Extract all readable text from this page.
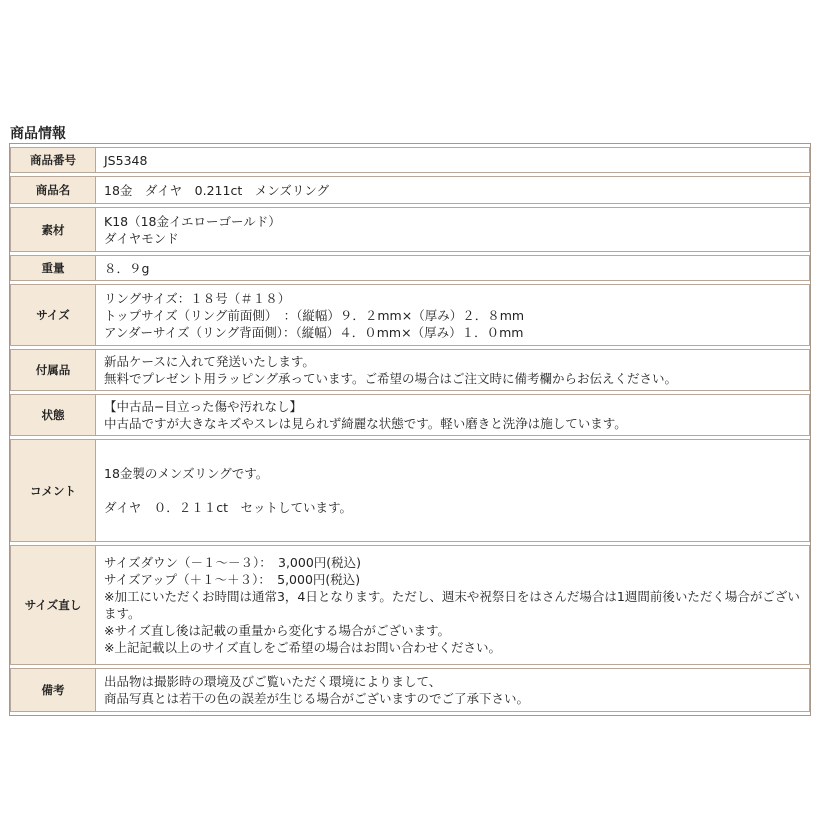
商品情報
商品番号	JS5348

商品名	18金　ダイヤ　0.211ct　メンズリング

素材	K18（18金イエローゴールド）
ダイヤモンド

重量	８．９g

サイズ	リングサイズ：１８号（＃１８）
トップサイズ（リング前面側）　：（縦幅）９．２mm×（厚み）２．８mm
アンダーサイズ（リング背面側）：（縦幅）４．０mm×（厚み）１．０mm

付属品	新品ケースに入れて発送いたします。
無料でプレゼント用ラッピング承っています。ご希望の場合はご注文時に備考欄からお伝えください。

状態	【中古品−目立った傷や汚れなし】
中古品ですが大きなキズやスレは見られず綺麗な状態です。軽い磨きと洗浄は施しています。

コメント	18金製のメンズリングです。
ダイヤ　０．２１１ct　セットしています。

サイズ直し	サイズダウン（－１～－３）：　3,000円(税込)
サイズアップ（＋１～＋３）：　5,000円(税込)
※加工にいただくお時間は通常3，4日となります。ただし、週末や祝祭日をはさんだ場合は1週間前後いただく場合がございます。
※サイズ直し後は記載の重量から変化する場合がございます。
※上記記載以上のサイズ直しをご希望の場合はお問い合わせください。

備考	出品物は撮影時の環境及びご覧いただく環境によりまして、
商品写真とは若干の色の誤差が生じる場合がございますのでご了承下さい。
